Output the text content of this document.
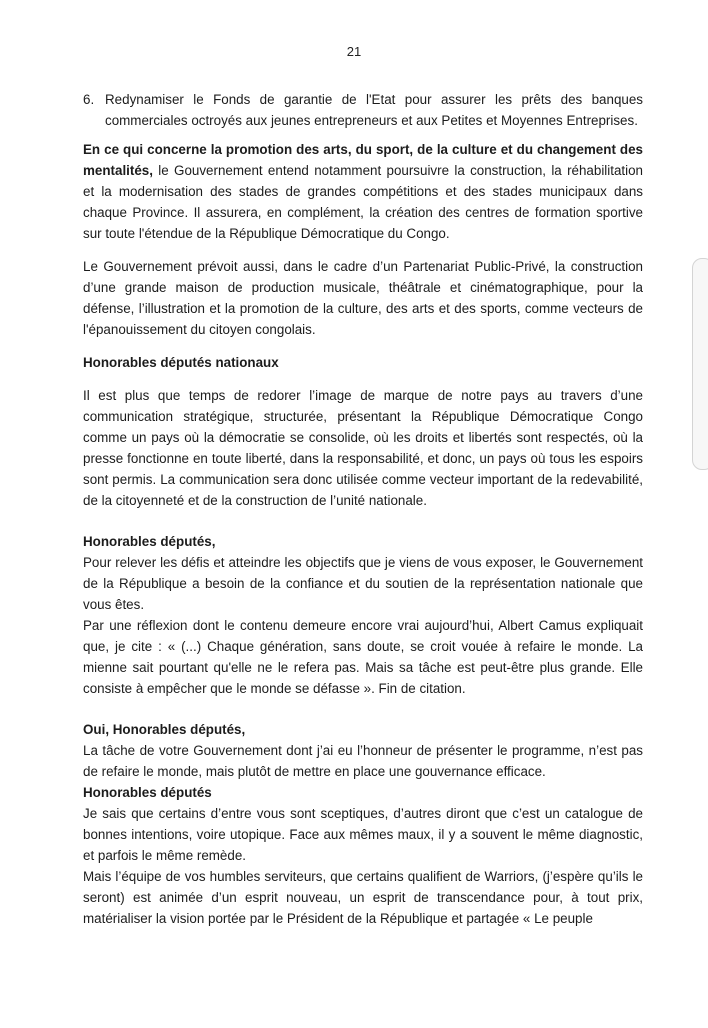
21
6. Redynamiser le Fonds de garantie de l'Etat pour assurer les prêts des banques commerciales octroyés aux jeunes entrepreneurs et aux Petites et Moyennes Entreprises.

En ce qui concerne la promotion des arts, du sport, de la culture et du changement des mentalités, le Gouvernement entend notamment poursuivre la construction, la réhabilitation et la modernisation des stades de grandes compétitions et des stades municipaux dans chaque Province. Il assurera, en complément, la création des centres de formation sportive sur toute l'étendue de la République Démocratique du Congo.

Le Gouvernement prévoit aussi, dans le cadre d’un Partenariat Public-Privé, la construction d’une grande maison de production musicale, théâtrale et cinématographique, pour la défense, l’illustration et la promotion de la culture, des arts et des sports, comme vecteurs de l'épanouissement du citoyen congolais.

Honorables députés nationaux

Il est plus que temps de redorer l’image de marque de notre pays au travers d’une communication stratégique, structurée, présentant la République Démocratique Congo comme un pays où la démocratie se consolide, où les droits et libertés sont respectés, où la presse fonctionne en toute liberté, dans la responsabilité, et donc, un pays où tous les espoirs sont permis. La communication sera donc utilisée comme vecteur important de la redevabilité, de la citoyenneté et de la construction de l’unité nationale.

Honorables députés,

Pour relever les défis et atteindre les objectifs que je viens de vous exposer, le Gouvernement de la République a besoin de la confiance et du soutien de la représentation nationale que vous êtes.

Par une réflexion dont le contenu demeure encore vrai aujourd’hui, Albert Camus expliquait que, je cite : « (...) Chaque génération, sans doute, se croit vouée à refaire le monde. La mienne sait pourtant qu'elle ne le refera pas. Mais sa tâche est peut-être plus grande. Elle consiste à empêcher que le monde se défasse ». Fin de citation.

Oui, Honorables députés,

La tâche de votre Gouvernement dont j’ai eu l’honneur de présenter le programme, n’est pas de refaire le monde, mais plutôt de mettre en place une gouvernance efficace.

Honorables députés

Je sais que certains d’entre vous sont sceptiques, d’autres diront que c’est un catalogue de bonnes intentions, voire utopique. Face aux mêmes maux, il y a souvent le même diagnostic, et parfois le même remède.

Mais l’équipe de vos humbles serviteurs, que certains qualifient de Warriors, (j’espère qu’ils le seront) est animée d’un esprit nouveau, un esprit de transcendance pour, à tout prix, matérialiser la vision portée par le Président de la République et partagée « Le peuple
